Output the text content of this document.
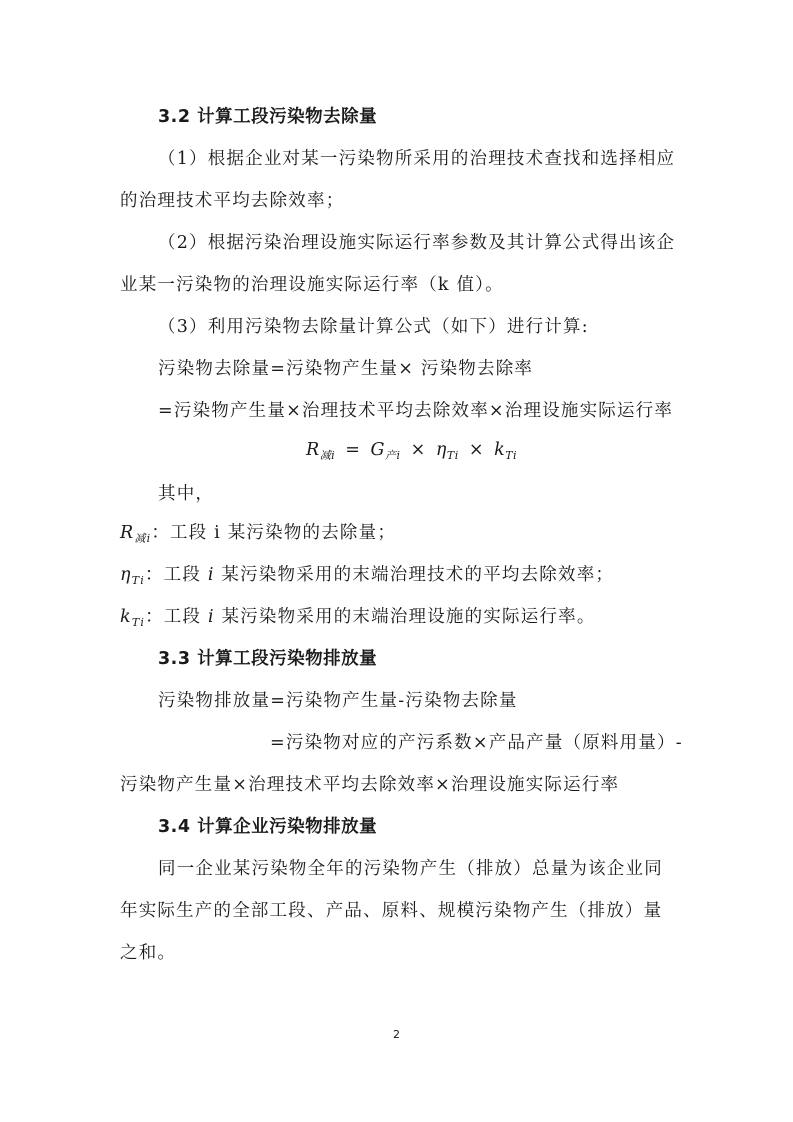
3.2 计算工段污染物去除量
（1）根据企业对某一污染物所采用的治理技术查找和选择相应
的治理技术平均去除效率；
（2）根据污染治理设施实际运行率参数及其计算公式得出该企
业某一污染物的治理设施实际运行率（k 值）。
（3）利用污染物去除量计算公式（如下）进行计算:
污染物去除量=污染物产生量× 污染物去除率
=污染物产生量×治理技术平均去除效率×治理设施实际运行率
$R_{减i} = G_{产i} \times \eta_{Ti} \times k_{Ti}$
其中，
$R_{减i}$：工段 i 某污染物的去除量；
$\eta_{Ti}$：工段 i 某污染物采用的末端治理技术的平均去除效率；
$k_{Ti}$：工段 i 某污染物采用的末端治理设施的实际运行率。
3.3 计算工段污染物排放量
污染物排放量=污染物产生量-污染物去除量
=污染物对应的产污系数×产品产量（原料用量）-
污染物产生量×治理技术平均去除效率×治理设施实际运行率
3.4 计算企业污染物排放量
同一企业某污染物全年的污染物产生（排放）总量为该企业同
年实际生产的全部工段、产品、原料、规模污染物产生（排放）量
之和。
2
